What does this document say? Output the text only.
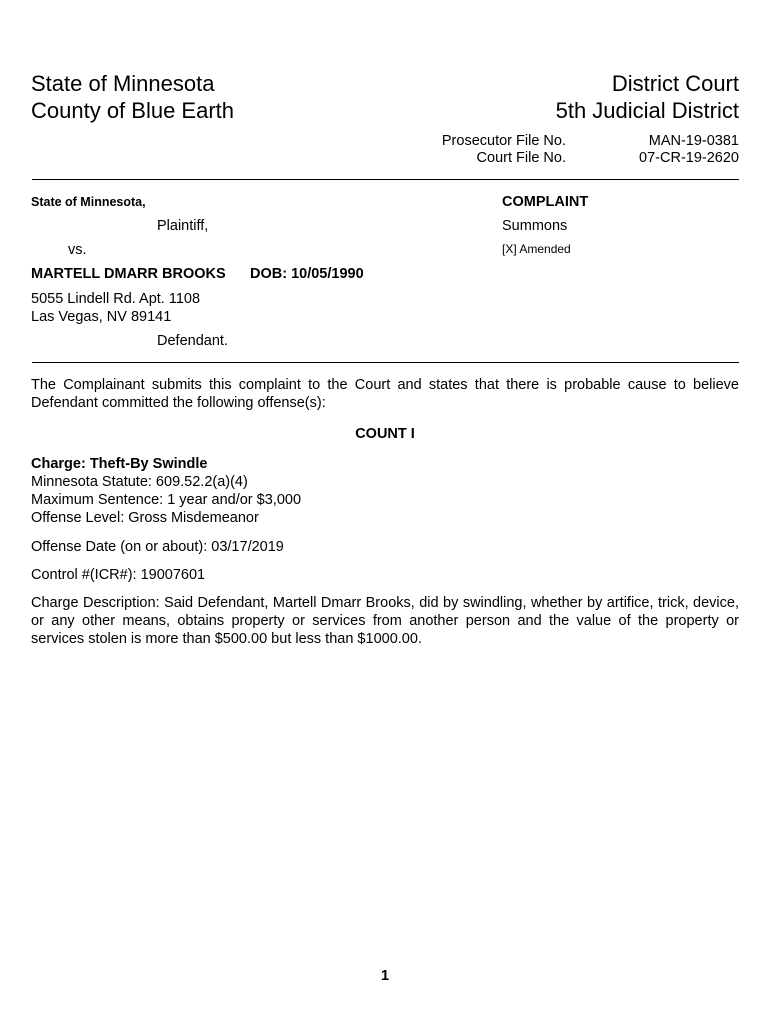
State of Minnesota
County of Blue Earth
District Court
5th Judicial District
Prosecutor File No.	MAN-19-0381
Court File No.	07-CR-19-2620
State of Minnesota,
Plaintiff,
vs.
MARTELL DMARR BROOKS DOB: 10/05/1990
5055 Lindell Rd. Apt. 1108
Las Vegas, NV 89141
Defendant.
COMPLAINT
Summons
[X] Amended
The Complainant submits this complaint to the Court and states that there is probable cause to believe Defendant committed the following offense(s):
COUNT I
Charge: Theft-By Swindle
Minnesota Statute: 609.52.2(a)(4)
Maximum Sentence: 1 year and/or $3,000
Offense Level: Gross Misdemeanor
Offense Date (on or about): 03/17/2019
Control #(ICR#): 19007601
Charge Description: Said Defendant, Martell Dmarr Brooks, did by swindling, whether by artifice, trick, device, or any other means, obtains property or services from another person and the value of the property or services stolen is more than $500.00 but less than $1000.00.
1
